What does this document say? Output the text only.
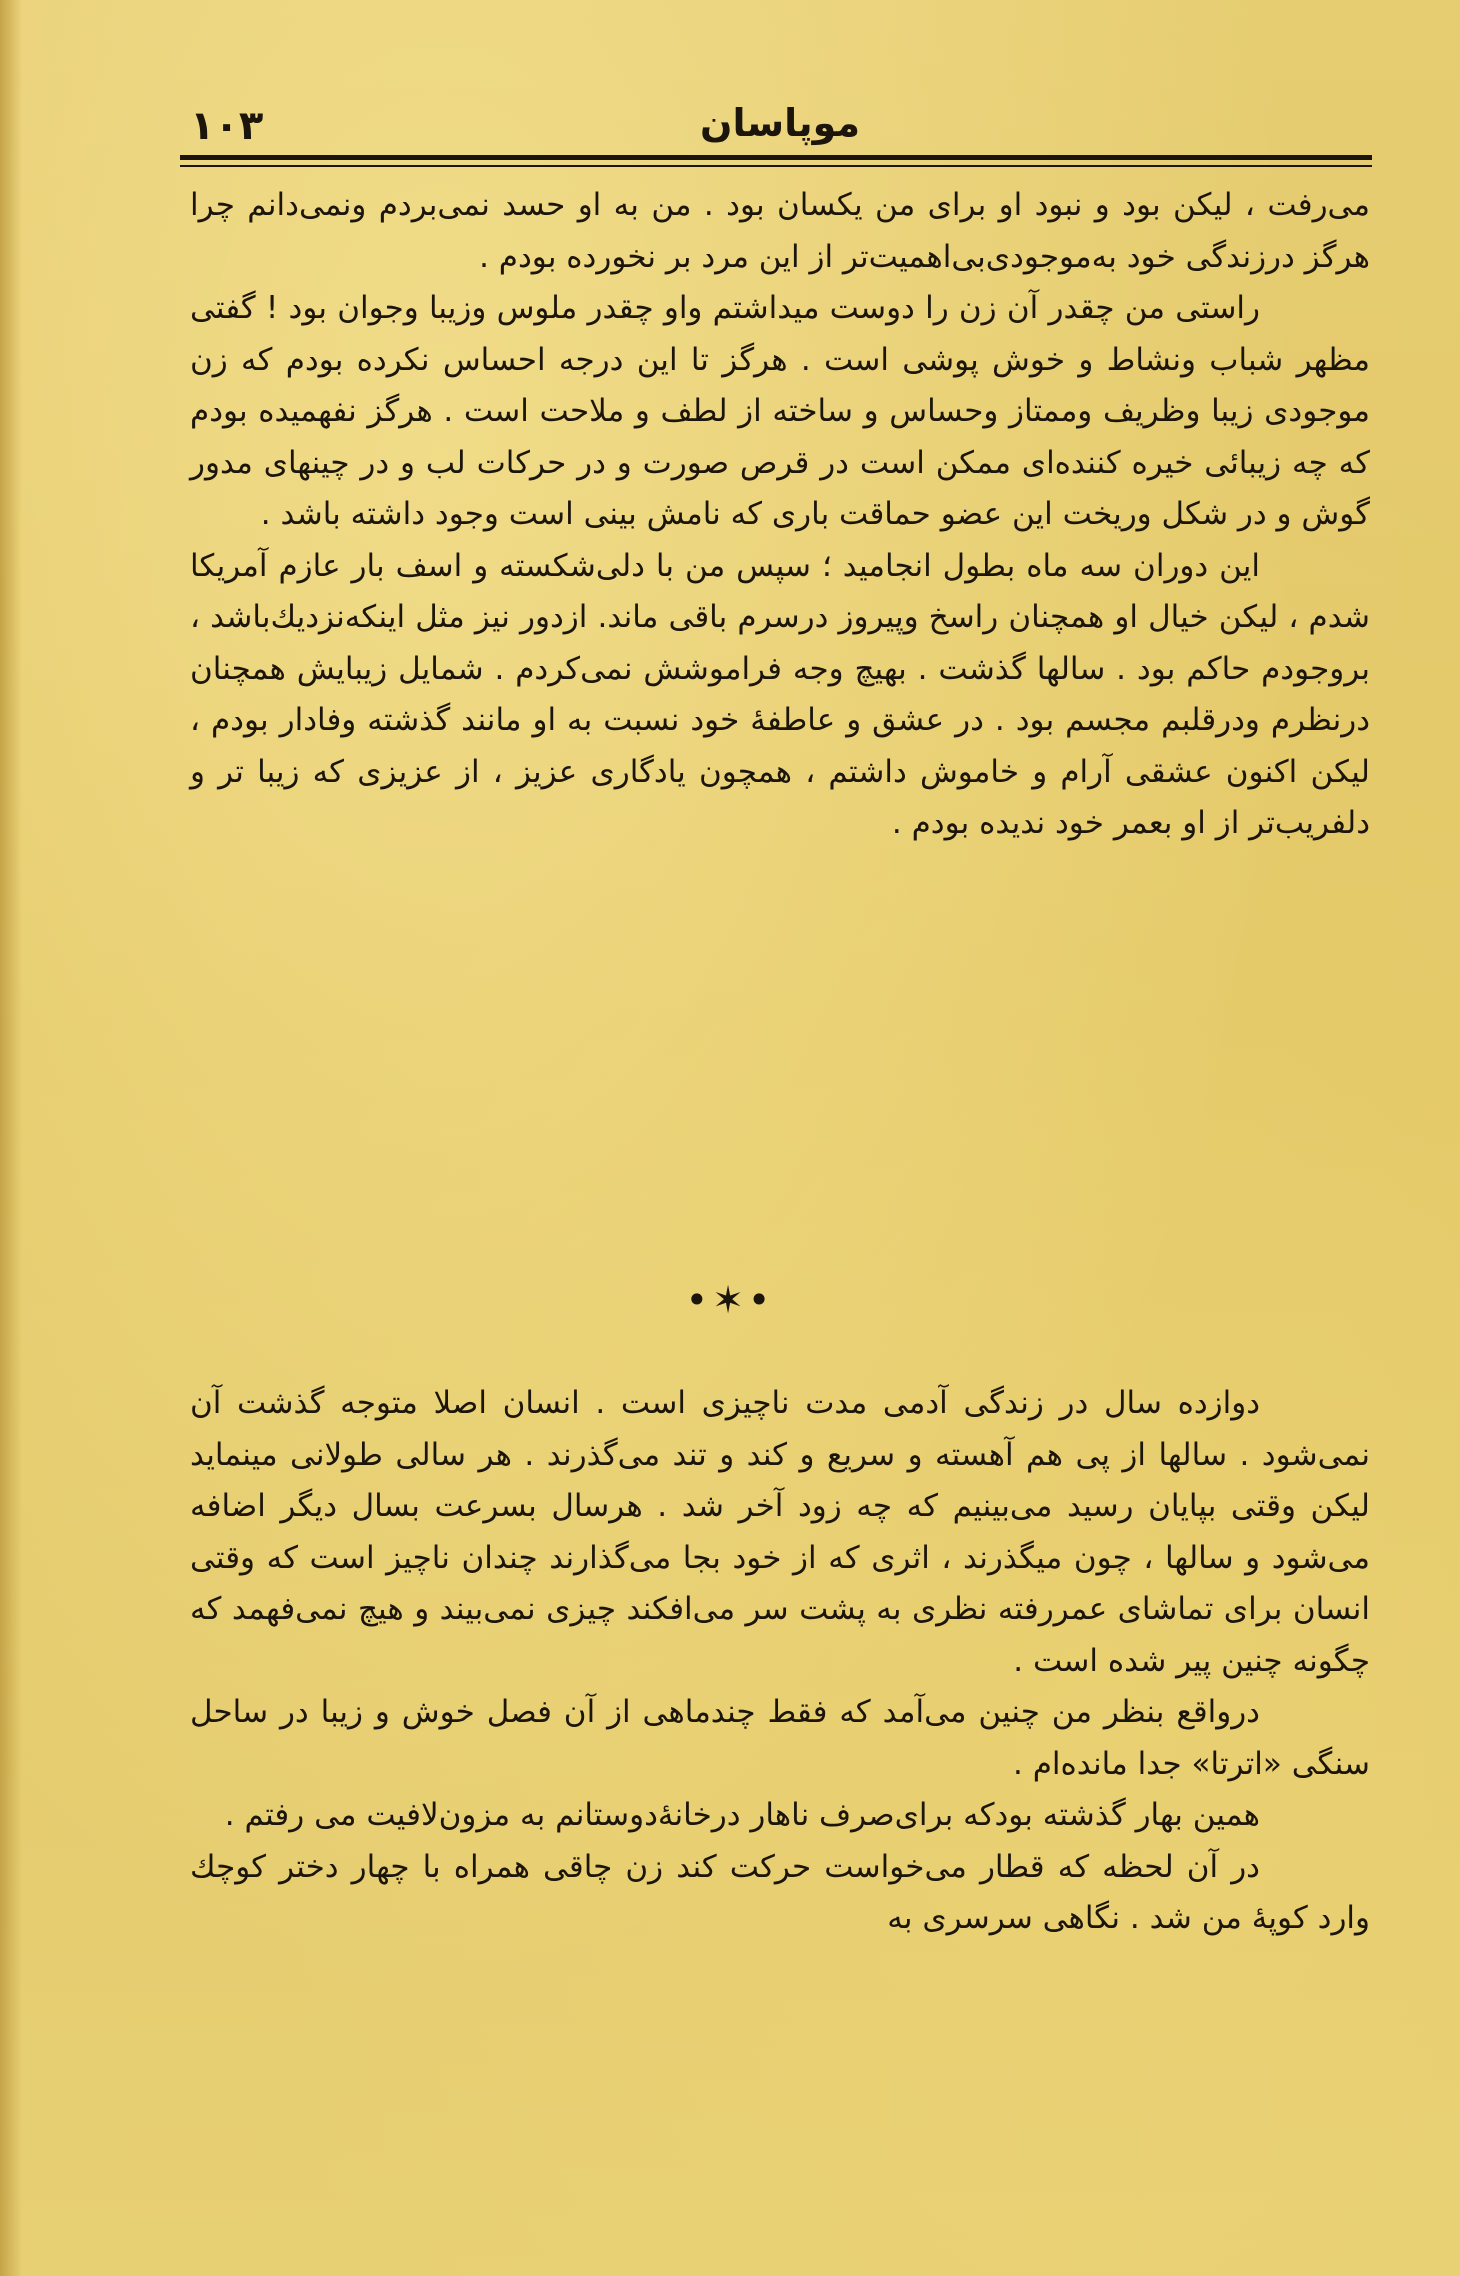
۱۰۳	موپاسان

می‌رفت ، لیکن بود و نبود او برای من یکسان بود . من به او حسد نمی‌بردم ونمی‌دانم چرا هرگز درزندگی خود به‌موجودی‌بی‌اهمیت‌تر از این مرد بر نخورده بودم .

راستی من چقدر آن زن را دوست میداشتم واو چقدر ملوس وزیبا وجوان بود ! گفتی مظهر شباب ونشاط و خوش پوشی است . هرگز تا این درجه احساس نکرده بودم که زن موجودی زیبا وظریف وممتاز وحساس و ساخته از لطف و ملاحت است . هرگز نفهمیده بودم که چه زیبائی خیره کننده‌ای ممکن است در قرص صورت و در حرکات لب و در چینهای مدور گوش و در شکل وریخت این عضو حماقت باری که نامش بینی است وجود داشته باشد .

این دوران سه ماه بطول انجامید ؛ سپس من با دلی‌شکسته و اسف بار عازم آمریکا شدم ، لیکن خیال او همچنان راسخ وپیروز درسرم باقی ماند. ازدور نیز مثل اینکه‌نزدیك‌باشد ، بروجودم حاکم بود . سالها گذشت . بهیچ وجه فراموشش نمی‌کردم . شمایل زیبایش همچنان درنظرم ودرقلبم مجسم بود . در عشق و عاطفهٔ خود نسبت به او مانند گذشته وفادار بودم ، لیکن اکنون عشقی آرام و خاموش داشتم ، همچون یادگاری عزیز ، از عزیزی که زیبا تر و دلفریب‌تر از او بعمر خود ندیده بودم .

•✶•

دوازده سال در زندگی آدمی مدت ناچیزی است . انسان اصلا متوجه گذشت آن نمی‌شود . سالها از پی هم آهسته و سریع و کند و تند می‌گذرند . هر سالی طولانی مینماید لیکن وقتی بپایان رسید می‌بینیم که چه زود آخر شد . هرسال بسرعت بسال دیگر اضافه می‌شود و سالها ، چون میگذرند ، اثری که از خود بجا می‌گذارند چندان ناچیز است که وقتی انسان برای تماشای عمررفته نظری به پشت سر می‌افکند چیزی نمی‌بیند و هیچ نمی‌فهمد که چگونه چنین پیر شده است .

درواقع بنظر من چنین می‌آمد که فقط چندماهی از آن فصل خوش و زیبا در ساحل سنگی «اترتا» جدا مانده‌ام .

همین بهار گذشته بودکه برای‌صرف ناهار درخانهٔ‌دوستانم به مزون‌لافیت می رفتم .

در آن لحظه که قطار می‌خواست حرکت کند زن چاقی همراه با چهار دختر کوچك وارد کوپهٔ من شد . نگاهی سرسری به
